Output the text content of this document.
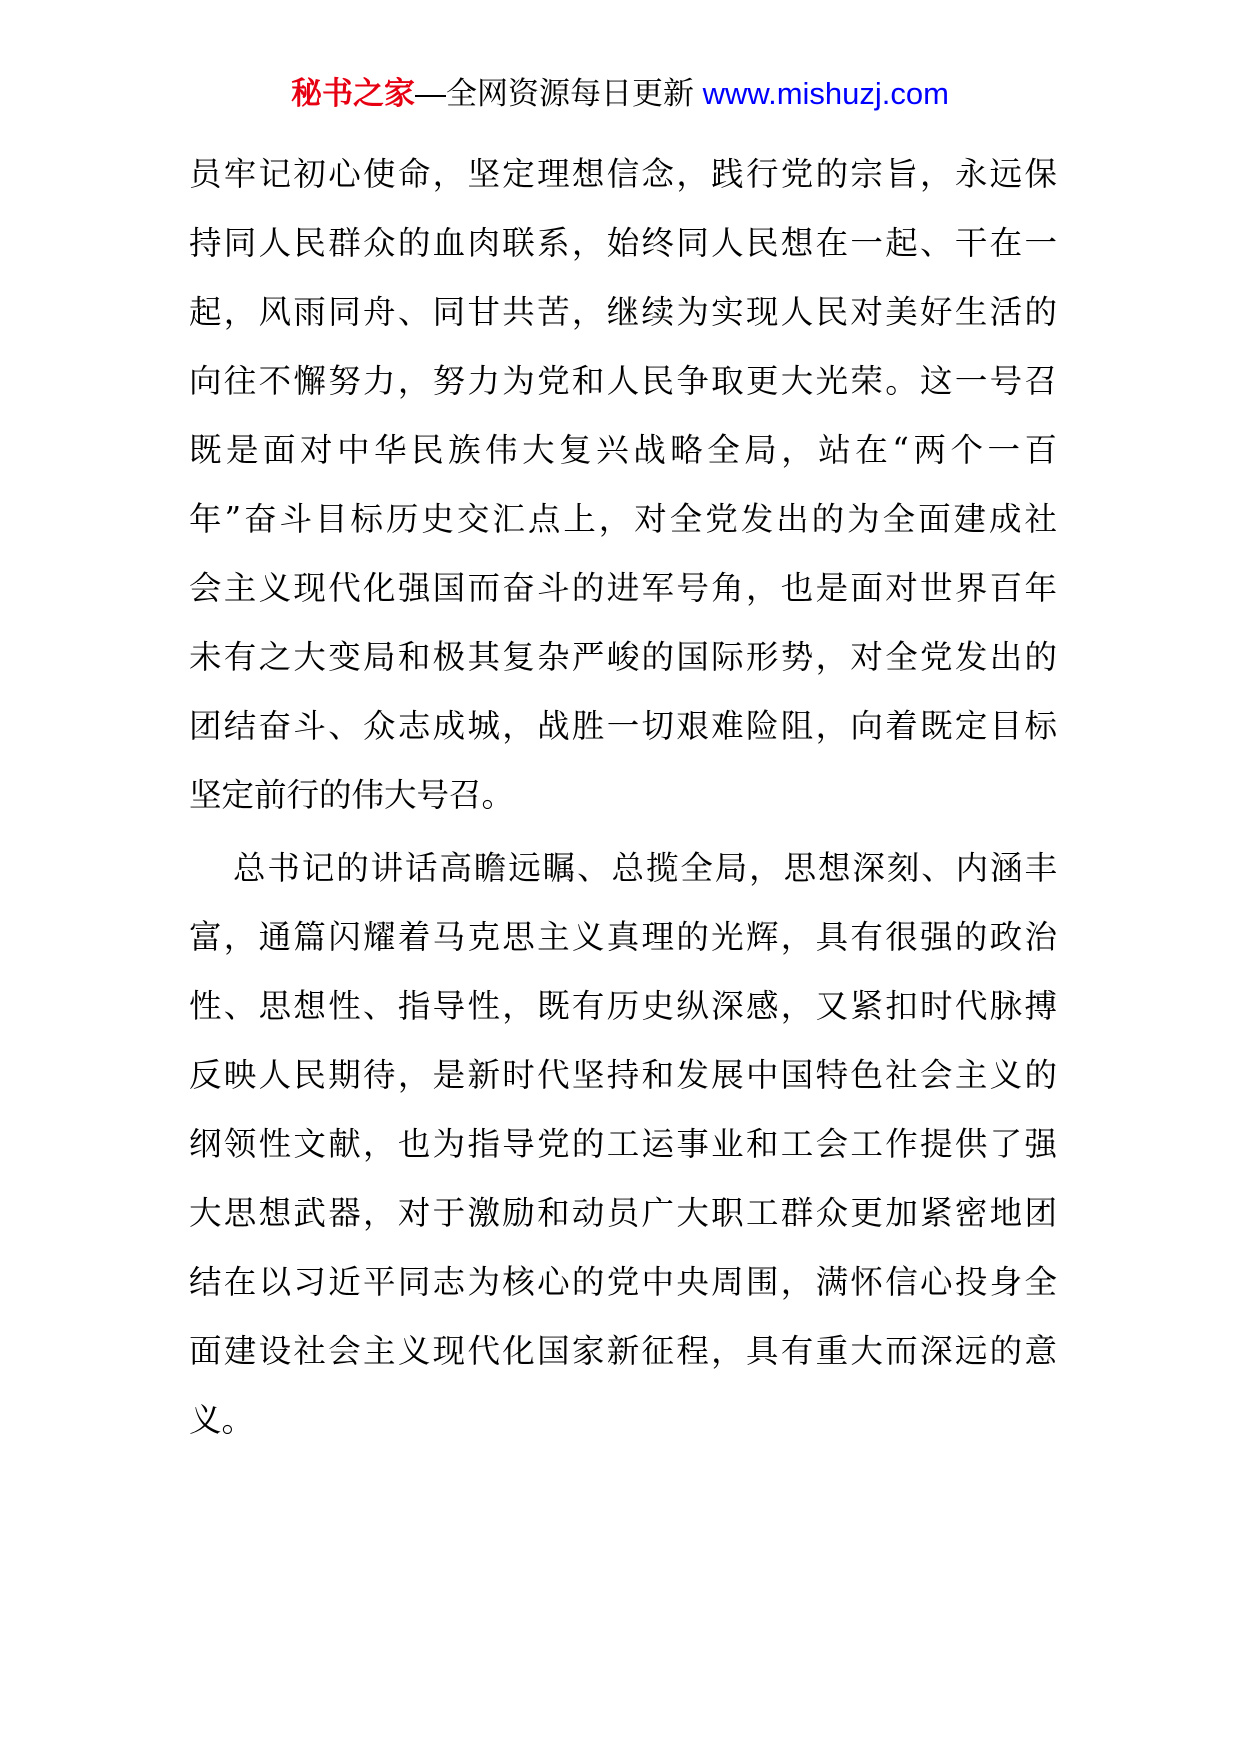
秘书之家—全网资源每日更新 www.mishuzj.com
员牢记初心使命，坚定理想信念，践行党的宗旨，永远保
持同人民群众的血肉联系，始终同人民想在一起、干在一
起，风雨同舟、同甘共苦，继续为实现人民对美好生活的
向往不懈努力，努力为党和人民争取更大光荣。这一号召
既是面对中华民族伟大复兴战略全局，站在“两个一百
年”奋斗目标历史交汇点上，对全党发出的为全面建成社
会主义现代化强国而奋斗的进军号角，也是面对世界百年
未有之大变局和极其复杂严峻的国际形势，对全党发出的
团结奋斗、众志成城，战胜一切艰难险阻，向着既定目标
坚定前行的伟大号召。
总书记的讲话高瞻远瞩、总揽全局，思想深刻、内涵丰
富，通篇闪耀着马克思主义真理的光辉，具有很强的政治
性、思想性、指导性，既有历史纵深感，又紧扣时代脉搏
反映人民期待，是新时代坚持和发展中国特色社会主义的
纲领性文献，也为指导党的工运事业和工会工作提供了强
大思想武器，对于激励和动员广大职工群众更加紧密地团
结在以习近平同志为核心的党中央周围，满怀信心投身全
面建设社会主义现代化国家新征程，具有重大而深远的意
义。
